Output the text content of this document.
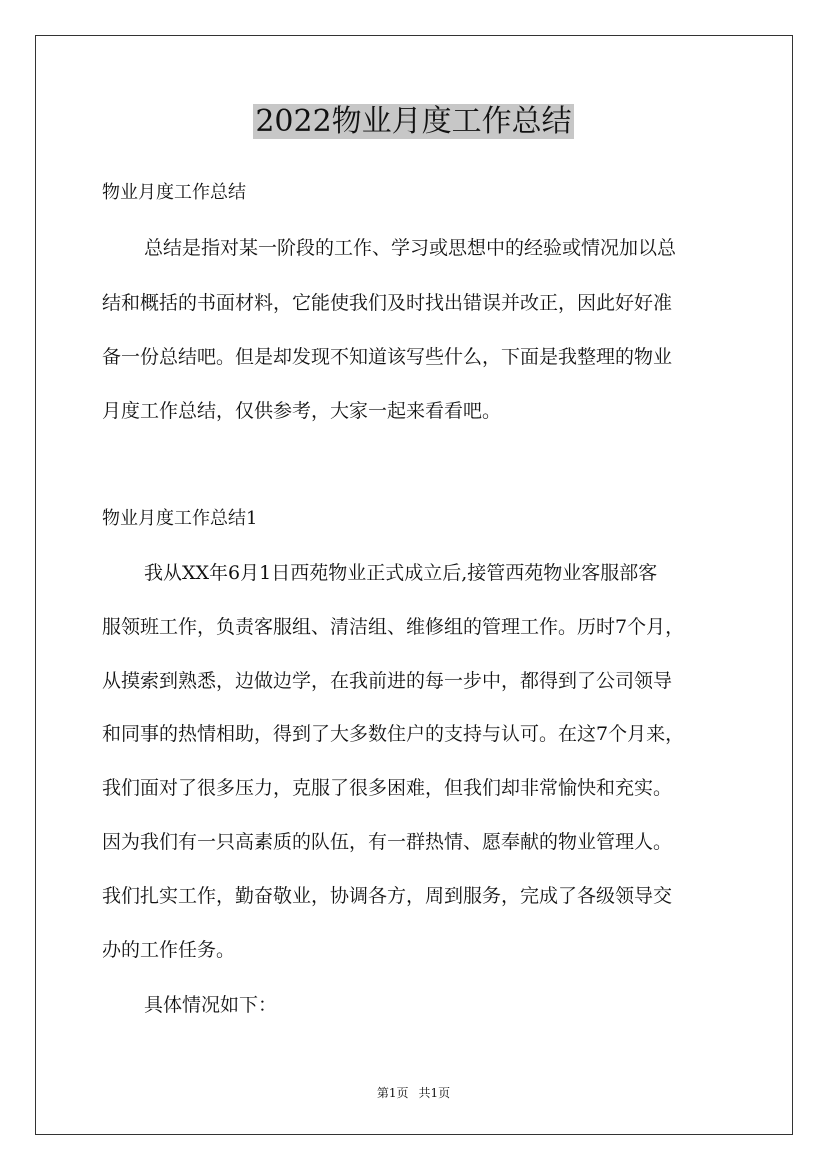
2022物业月度工作总结
物业月度工作总结
总结是指对某一阶段的工作、学习或思想中的经验或情况加以总
结和概括的书面材料，它能使我们及时找出错误并改正，因此好好准
备一份总结吧。但是却发现不知道该写些什么，下面是我整理的物业
月度工作总结，仅供参考，大家一起来看看吧。
物业月度工作总结1
我从XX年6月1日西苑物业正式成立后,接管西苑物业客服部客
服领班工作，负责客服组、清洁组、维修组的管理工作。历时7个月，
从摸索到熟悉，边做边学，在我前进的每一步中，都得到了公司领导
和同事的热情相助，得到了大多数住户的支持与认可。在这7个月来，
我们面对了很多压力，克服了很多困难，但我们却非常愉快和充实。
因为我们有一只高素质的队伍，有一群热情、愿奉献的物业管理人。
我们扎实工作，勤奋敬业，协调各方，周到服务，完成了各级领导交
办的工作任务。
具体情况如下：
第1页 共1页
